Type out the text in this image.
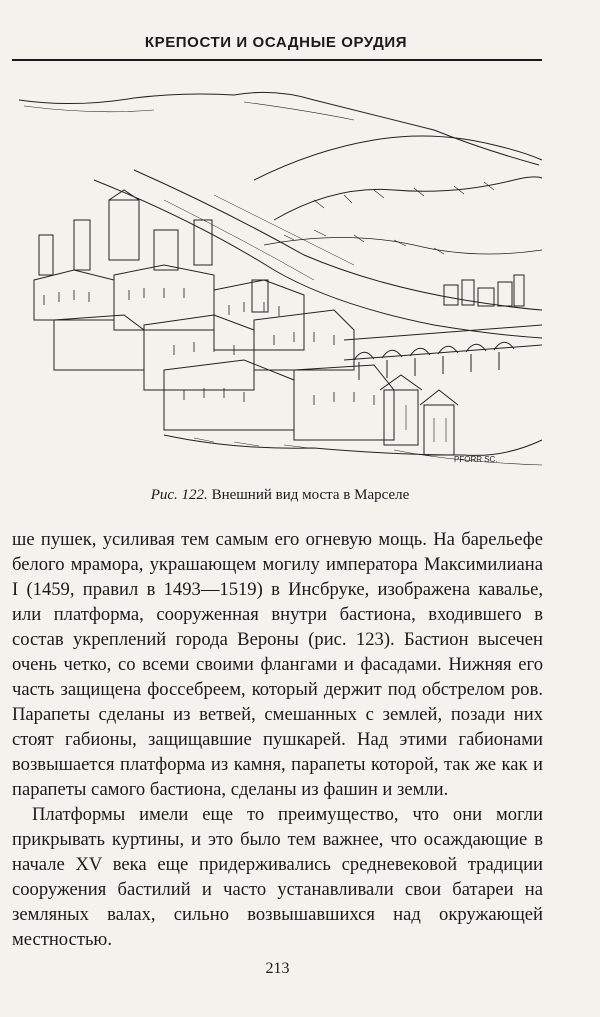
КРЕПОСТИ И ОСАДНЫЕ ОРУДИЯ
PFORR SC.
Рис. 122. Внешний вид моста в Марселе

ше пушек, усиливая тем самым его огневую мощь. На барельефе белого мрамора, украшающем могилу императора Максимилиана I (1459, правил в 1493—1519) в Инсбруке, изображена кавалье, или платформа, сооруженная внутри бастиона, входившего в состав укреплений города Вероны (рис. 123). Бастион высечен очень четко, со всеми своими флангами и фасадами. Нижняя его часть защищена фоссебреем, который держит под обстрелом ров. Парапеты сделаны из ветвей, смешанных с землей, позади них стоят габионы, защищавшие пушкарей. Над этими габионами возвышается платформа из камня, парапеты которой, так же как и парапеты самого бастиона, сделаны из фашин и земли.

Платформы имели еще то преимущество, что они могли прикрывать куртины, и это было тем важнее, что осаждающие в начале XV века еще придерживались средневековой традиции сооружения бастилий и часто устанавливали свои батареи на земляных валах, сильно возвышавшихся над окружающей местностью.

213
